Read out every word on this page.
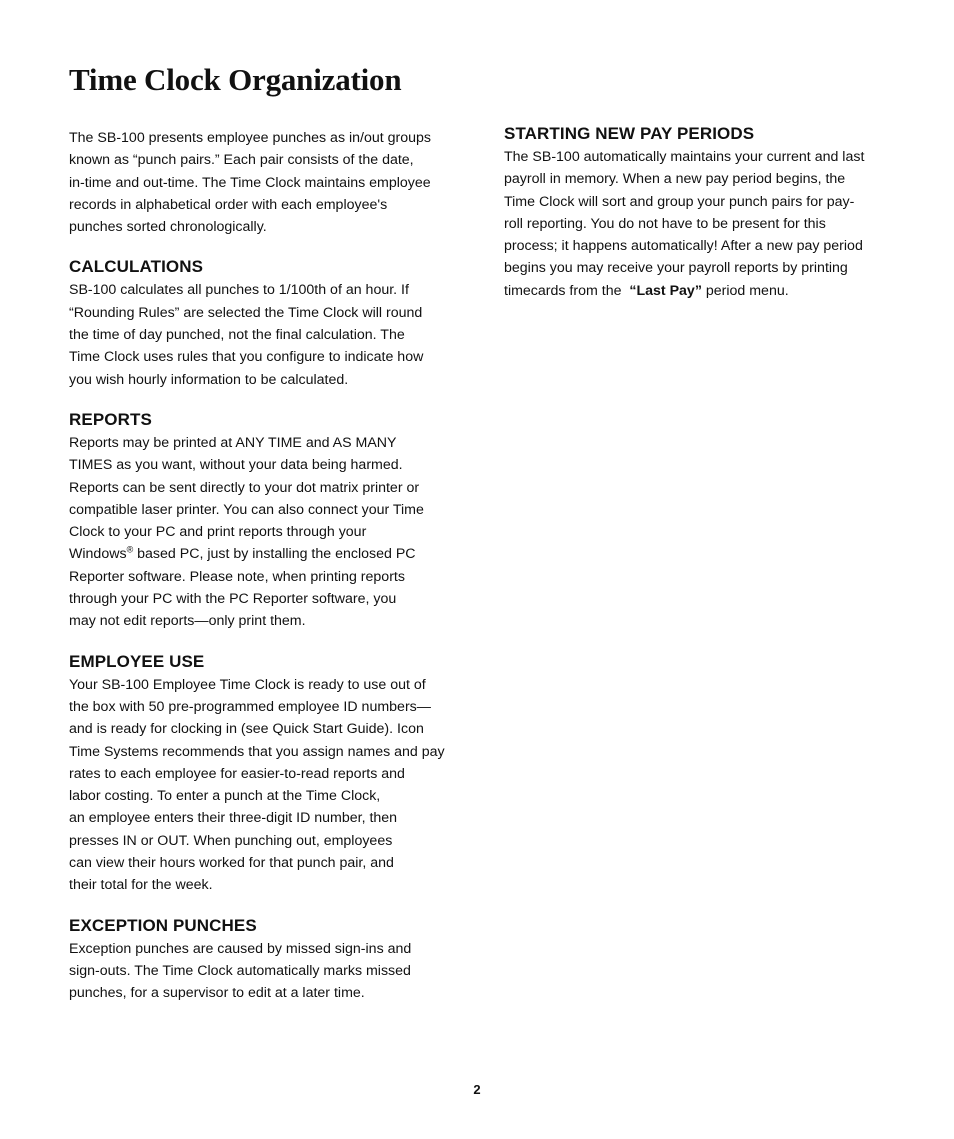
Time Clock Organization

The SB-100 presents employee punches as in/out groups
known as “punch pairs.” Each pair consists of the date,
in-time and out-time. The Time Clock maintains employee
records in alphabetical order with each employee's
punches sorted chronologically.

CALCULATIONS

SB-100 calculates all punches to 1/100th of an hour. If
“Rounding Rules” are selected the Time Clock will round
the time of day punched, not the final calculation. The
Time Clock uses rules that you configure to indicate how
you wish hourly information to be calculated.

REPORTS

Reports may be printed at ANY TIME and AS MANY
TIMES as you want, without your data being harmed.
Reports can be sent directly to your dot matrix printer or
compatible laser printer. You can also connect your Time
Clock to your PC and print reports through your
Windows® based PC, just by installing the enclosed PC
Reporter software. Please note, when printing reports
through your PC with the PC Reporter software, you
may not edit reports—only print them.

EMPLOYEE USE

Your SB-100 Employee Time Clock is ready to use out of
the box with 50 pre-programmed employee ID numbers—
and is ready for clocking in (see Quick Start Guide). Icon
Time Systems recommends that you assign names and pay
rates to each employee for easier-to-read reports and
labor costing. To enter a punch at the Time Clock,
an employee enters their three-digit ID number, then
presses IN or OUT. When punching out, employees
can view their hours worked for that punch pair, and
their total for the week.

EXCEPTION PUNCHES

Exception punches are caused by missed sign-ins and
sign-outs. The Time Clock automatically marks missed
punches, for a supervisor to edit at a later time.

STARTING NEW PAY PERIODS

The SB-100 automatically maintains your current and last
payroll in memory. When a new pay period begins, the
Time Clock will sort and group your punch pairs for pay-
roll reporting. You do not have to be present for this
process; it happens automatically! After a new pay period
begins you may receive your payroll reports by printing
timecards from the  “Last Pay” period menu.

2
